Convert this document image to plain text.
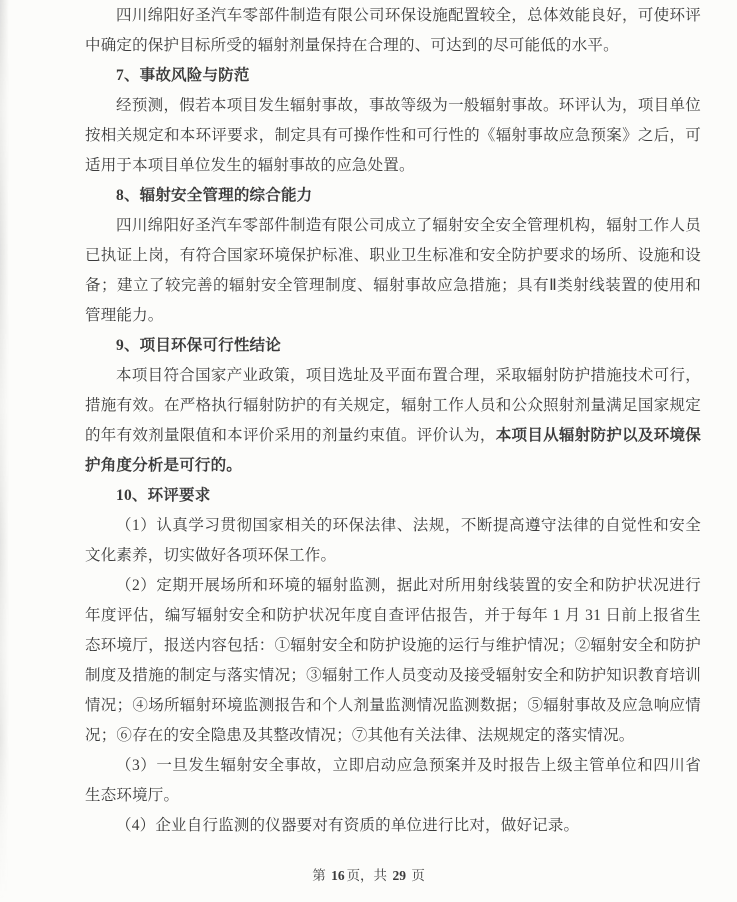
四川绵阳好圣汽车零部件制造有限公司环保设施配置较全，总体效能良好，可使环评中确定的保护目标所受的辐射剂量保持在合理的、可达到的尽可能低的水平。

7、事故风险与防范

经预测，假若本项目发生辐射事故，事故等级为一般辐射事故。环评认为，项目单位按相关规定和本环评要求，制定具有可操作性和可行性的《辐射事故应急预案》之后，可适用于本项目单位发生的辐射事故的应急处置。

8、辐射安全管理的综合能力

四川绵阳好圣汽车零部件制造有限公司成立了辐射安全安全管理机构，辐射工作人员已执证上岗，有符合国家环境保护标准、职业卫生标准和安全防护要求的场所、设施和设备；建立了较完善的辐射安全管理制度、辐射事故应急措施；具有Ⅱ类射线装置的使用和管理能力。

9、项目环保可行性结论

本项目符合国家产业政策，项目选址及平面布置合理，采取辐射防护措施技术可行，措施有效。在严格执行辐射防护的有关规定，辐射工作人员和公众照射剂量满足国家规定的年有效剂量限值和本评价采用的剂量约束值。评价认为，本项目从辐射防护以及环境保护角度分析是可行的。

10、环评要求

（1）认真学习贯彻国家相关的环保法律、法规，不断提高遵守法律的自觉性和安全文化素养，切实做好各项环保工作。

（2）定期开展场所和环境的辐射监测，据此对所用射线装置的安全和防护状况进行年度评估，编写辐射安全和防护状况年度自查评估报告，并于每年 1 月 31 日前上报省生态环境厅，报送内容包括：①辐射安全和防护设施的运行与维护情况；②辐射安全和防护制度及措施的制定与落实情况；③辐射工作人员变动及接受辐射安全和防护知识教育培训情况；④场所辐射环境监测报告和个人剂量监测情况监测数据；⑤辐射事故及应急响应情况；⑥存在的安全隐患及其整改情况；⑦其他有关法律、法规规定的落实情况。

（3）一旦发生辐射安全事故，立即启动应急预案并及时报告上级主管单位和四川省生态环境厅。

（4）企业自行监测的仪器要对有资质的单位进行比对，做好记录。

第 16 页，共 29 页
